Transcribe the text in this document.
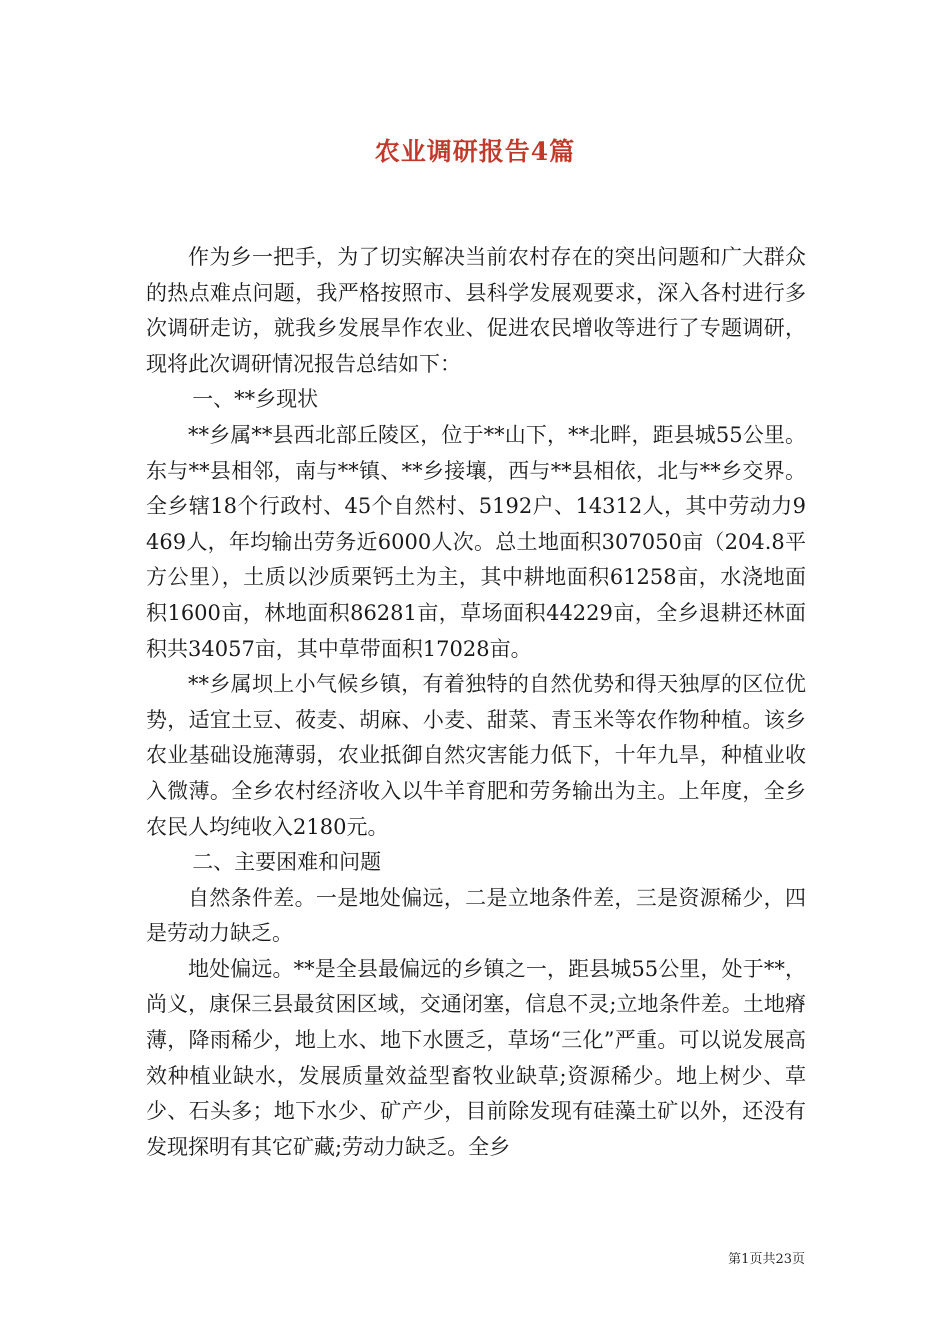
农业调研报告4篇

作为乡一把手，为了切实解决当前农村存在的突出问题和广大群众的热点难点问题，我严格按照市、县科学发展观要求，深入各村进行多次调研走访，就我乡发展旱作农业、促进农民增收等进行了专题调研，现将此次调研情况报告总结如下：

一、**乡现状

**乡属**县西北部丘陵区，位于**山下，**北畔，距县城55公里。东与**县相邻，南与**镇、**乡接壤，西与**县相依，北与**乡交界。全乡辖18个行政村、45个自然村、5192户、14312人，其中劳动力9469人，年均输出劳务近6000人次。总土地面积307050亩（204.8平方公里），土质以沙质栗钙土为主，其中耕地面积61258亩，水浇地面积1600亩，林地面积86281亩，草场面积44229亩，全乡退耕还林面积共34057亩，其中草带面积17028亩。

**乡属坝上小气候乡镇，有着独特的自然优势和得天独厚的区位优势，适宜土豆、莜麦、胡麻、小麦、甜菜、青玉米等农作物种植。该乡农业基础设施薄弱，农业抵御自然灾害能力低下，十年九旱，种植业收入微薄。全乡农村经济收入以牛羊育肥和劳务输出为主。上年度，全乡农民人均纯收入2180元。

二、主要困难和问题

自然条件差。一是地处偏远，二是立地条件差，三是资源稀少，四是劳动力缺乏。

地处偏远。**是全县最偏远的乡镇之一，距县城55公里，处于**，尚义，康保三县最贫困区域，交通闭塞，信息不灵;立地条件差。土地瘠薄，降雨稀少，地上水、地下水匮乏，草场“三化”严重。可以说发展高效种植业缺水，发展质量效益型畜牧业缺草;资源稀少。地上树少、草少、石头多；地下水少、矿产少，目前除发现有硅藻土矿以外，还没有发现探明有其它矿藏;劳动力缺乏。全乡

第1页共23页
